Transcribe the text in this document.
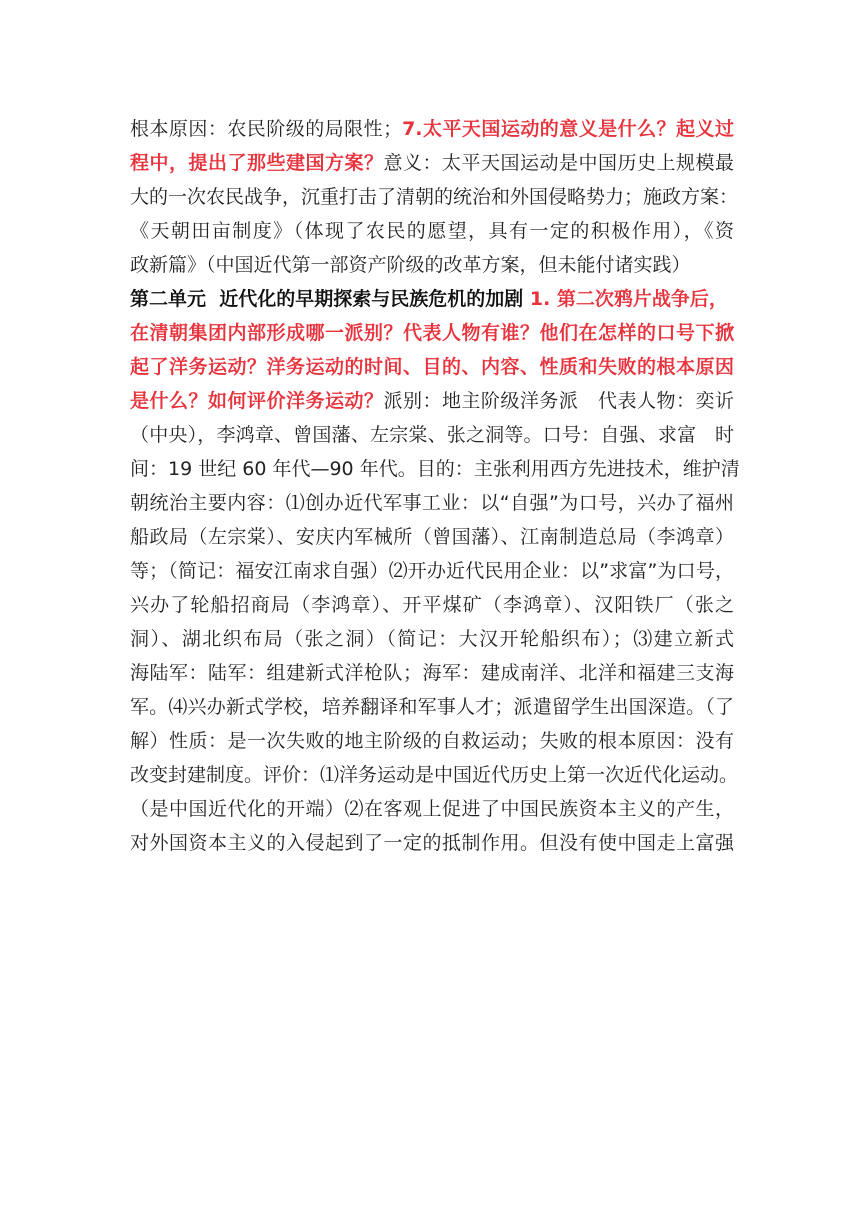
根本原因：农民阶级的局限性；7.太平天国运动的意义是什么？起义过
程中，提出了那些建国方案？意义：太平天国运动是中国历史上规模最
大的一次农民战争，沉重打击了清朝的统治和外国侵略势力；施政方案：
《天朝田亩制度》（体现了农民的愿望，具有一定的积极作用），《资
政新篇》（中国近代第一部资产阶级的改革方案，但未能付诸实践）
第二单元  近代化的早期探索与民族危机的加剧 1. 第二次鸦片战争后，
在清朝集团内部形成哪一派别？代表人物有谁？他们在怎样的口号下掀
起了洋务运动？洋务运动的时间、目的、内容、性质和失败的根本原因
是什么？如何评价洋务运动？派别：地主阶级洋务派   代表人物：奕䜣
（中央），李鸿章、曾国藩、左宗棠、张之洞等。口号：自强、求富   时
间：19 世纪 60 年代—90 年代。目的：主张利用西方先进技术，维护清
朝统治主要内容：⑴创办近代军事工业：以“自强”为口号，兴办了福州
船政局（左宗棠）、安庆内军械所（曾国藩）、江南制造总局（李鸿章）
等；（简记：福安江南求自强）⑵开办近代民用企业：以”求富”为口号，
兴办了轮船招商局（李鸿章）、开平煤矿（李鸿章）、汉阳铁厂（张之
洞）、湖北织布局（张之洞）（简记：大汉开轮船织布）；⑶建立新式
海陆军：陆军：组建新式洋枪队；海军：建成南洋、北洋和福建三支海
军。⑷兴办新式学校，培养翻译和军事人才；派遣留学生出国深造。（了
解）性质：是一次失败的地主阶级的自救运动；失败的根本原因：没有
改变封建制度。评价：⑴洋务运动是中国近代历史上第一次近代化运动。
（是中国近代化的开端）⑵在客观上促进了中国民族资本主义的产生，
对外国资本主义的入侵起到了一定的抵制作用。但没有使中国走上富强
